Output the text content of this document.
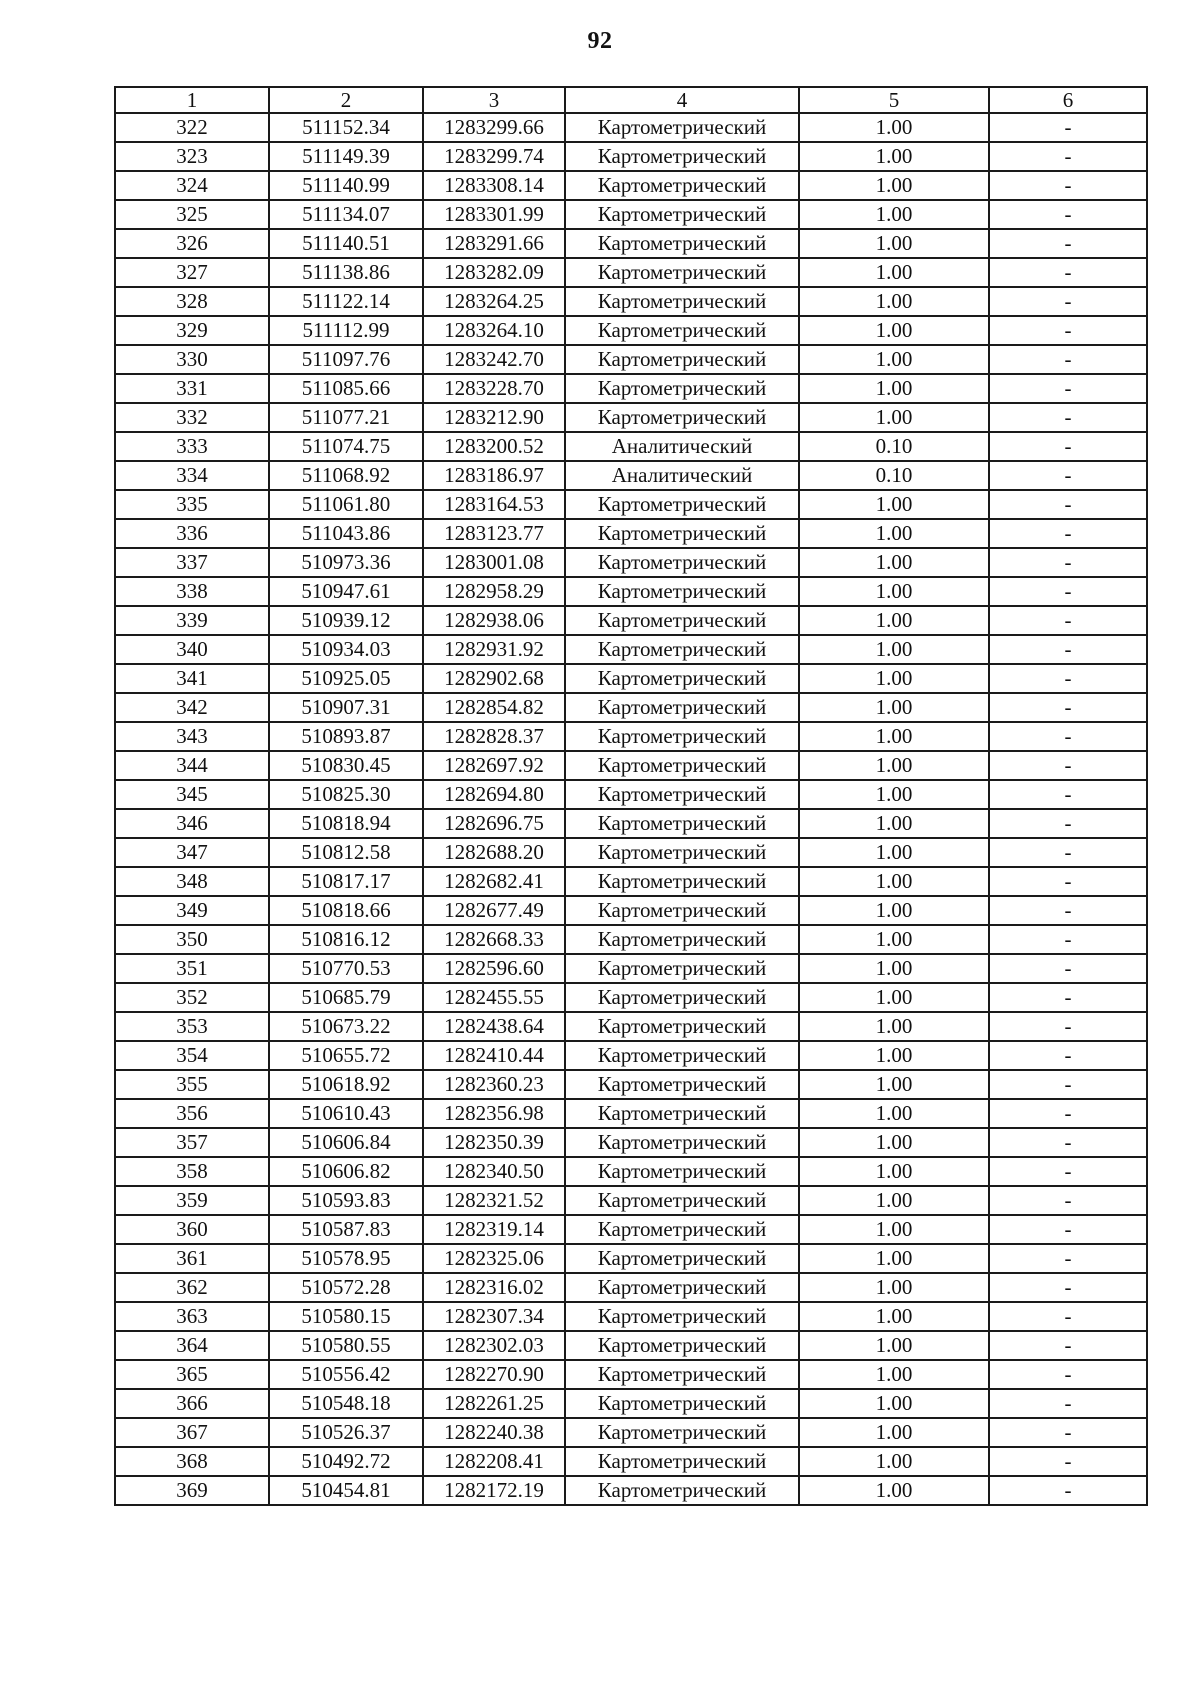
92
1	2	3	4	5	6
322	511152.34	1283299.66	Картометрический	1.00	-
323	511149.39	1283299.74	Картометрический	1.00	-
324	511140.99	1283308.14	Картометрический	1.00	-
325	511134.07	1283301.99	Картометрический	1.00	-
326	511140.51	1283291.66	Картометрический	1.00	-
327	511138.86	1283282.09	Картометрический	1.00	-
328	511122.14	1283264.25	Картометрический	1.00	-
329	511112.99	1283264.10	Картометрический	1.00	-
330	511097.76	1283242.70	Картометрический	1.00	-
331	511085.66	1283228.70	Картометрический	1.00	-
332	511077.21	1283212.90	Картометрический	1.00	-
333	511074.75	1283200.52	Аналитический	0.10	-
334	511068.92	1283186.97	Аналитический	0.10	-
335	511061.80	1283164.53	Картометрический	1.00	-
336	511043.86	1283123.77	Картометрический	1.00	-
337	510973.36	1283001.08	Картометрический	1.00	-
338	510947.61	1282958.29	Картометрический	1.00	-
339	510939.12	1282938.06	Картометрический	1.00	-
340	510934.03	1282931.92	Картометрический	1.00	-
341	510925.05	1282902.68	Картометрический	1.00	-
342	510907.31	1282854.82	Картометрический	1.00	-
343	510893.87	1282828.37	Картометрический	1.00	-
344	510830.45	1282697.92	Картометрический	1.00	-
345	510825.30	1282694.80	Картометрический	1.00	-
346	510818.94	1282696.75	Картометрический	1.00	-
347	510812.58	1282688.20	Картометрический	1.00	-
348	510817.17	1282682.41	Картометрический	1.00	-
349	510818.66	1282677.49	Картометрический	1.00	-
350	510816.12	1282668.33	Картометрический	1.00	-
351	510770.53	1282596.60	Картометрический	1.00	-
352	510685.79	1282455.55	Картометрический	1.00	-
353	510673.22	1282438.64	Картометрический	1.00	-
354	510655.72	1282410.44	Картометрический	1.00	-
355	510618.92	1282360.23	Картометрический	1.00	-
356	510610.43	1282356.98	Картометрический	1.00	-
357	510606.84	1282350.39	Картометрический	1.00	-
358	510606.82	1282340.50	Картометрический	1.00	-
359	510593.83	1282321.52	Картометрический	1.00	-
360	510587.83	1282319.14	Картометрический	1.00	-
361	510578.95	1282325.06	Картометрический	1.00	-
362	510572.28	1282316.02	Картометрический	1.00	-
363	510580.15	1282307.34	Картометрический	1.00	-
364	510580.55	1282302.03	Картометрический	1.00	-
365	510556.42	1282270.90	Картометрический	1.00	-
366	510548.18	1282261.25	Картометрический	1.00	-
367	510526.37	1282240.38	Картометрический	1.00	-
368	510492.72	1282208.41	Картометрический	1.00	-
369	510454.81	1282172.19	Картометрический	1.00	-
